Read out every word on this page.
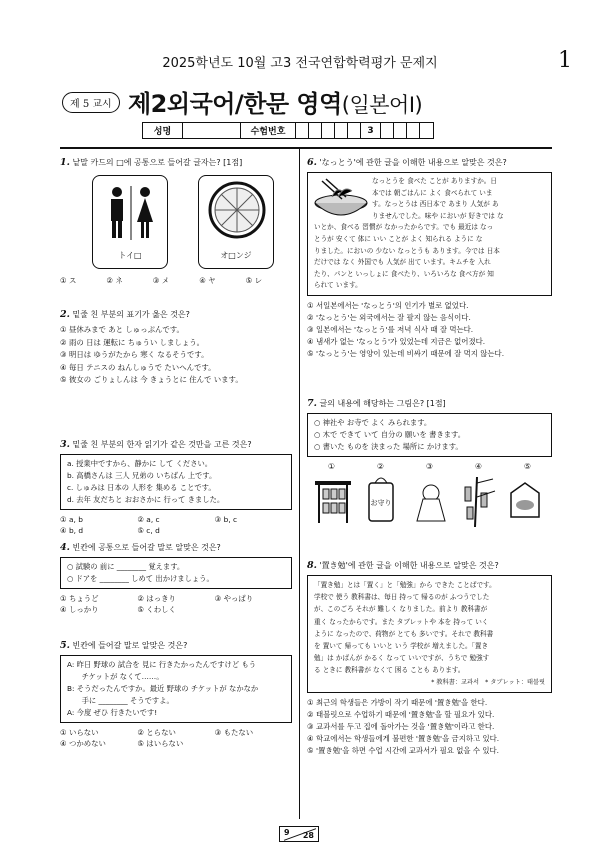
2025학년도 10월 고3 전국연합학력평가 문제지	1
제 5 교시 제2외국어/한문 영역(일본어Ⅰ)
성명	수험번호	3
1. 낱말 카드의 □에 공통으로 들어갈 글자는? [1점]
トイ□	オ□ンジ
① ス	② ネ	③ メ	④ ヤ	⑤ レ
2. 밑줄 친 부분의 표기가 옳은 것은?
① 昼休みまで あと しゅっぷんです。
② 雨の 日は 運転に ちゅうい しましょう。
③ 明日は ゆうがたから 寒く なるそうです。
④ 毎日 テニスの ねんしゅうで たいへんです。
⑤ 彼女の ごりょしんは 今 きょうとに 住んで います。
3. 밑줄 친 부분의 한자 읽기가 같은 것만을 고른 것은?
a. 授業中ですから、静かに して ください。
b. 高橋さんは 三人 兄弟の いちばん 上です。
c. しゅみは 日本の 人形を 集める ことです。
d. 去年 友だちと おおさかに 行って きました。
① a, b	② a, c	③ b, c
④ b, d	⑤ c, d
4. 빈칸에 공통으로 들어갈 말로 알맞은 것은?
○ 試験の 前に ________ 覚えます。
○ ドアを ________ しめて 出かけましょう。
① ちょうど	② はっきり	③ やっぱり
④ しっかり	⑤ くわしく
5. 빈칸에 들어갈 말로 알맞은 것은?
A: 昨日 野球の 試合を 見に 行きたかったんですけど もう
　　チケットが なくて……。
B: そうだったんですか。最近 野球の チケットが なかなか
　　手に ________ そうですよ。
A: 今度 ぜひ 行きたいです!
① いらない	② とらない	③ もたない
④ つかめない	⑤ はいらない
6. 'なっとう'에 관한 글을 이해한 내용으로 알맞은 것은?
なっとうを 食べた ことが ありますか。日
本では 朝ごはんに よく 食べられて いま
す。なっとうは 西日本で あまり 人気が あ
りませんでした。味や においが 好きでは な
いとか、食べる 習慣が なかったからです。でも 最近は なっ
とうが 安くて 体に いい ことが よく 知られる ように な
りました。においの 少ない なっとうも あります。今では 日本
だけでは なく 外国でも 人気が 出て います。キムチを 入れ
たり、パンと いっしょに 食べたり、いろいろな 食べ方が 知
られて います。
① 서일본에서는 'なっとう'의 인기가 별로 없었다.
② 'なっとう'는 외국에서는 잘 팔지 않는 음식이다.
③ 일본에서는 'なっとう'를 저녁 식사 때 잘 먹는다.
④ 냄새가 없는 'なっとう'가 있었는데 지금은 없어졌다.
⑤ 'なっとう'는 영양이 있는데 비싸기 때문에 잘 먹지 않는다.
7. 글의 내용에 해당하는 그림은? [1점]
○ 神社や お寺で よく みられます。
○ 木で できて いて 自分の 願いを 書きます。
○ 書いた ものを 決まった 場所に かけます。
①	②	③	④	⑤
お守り
8. '置き勉'에 관한 글을 이해한 내용으로 알맞은 것은?
「置き勉」とは「置く」と「勉強」から できた ことばです。
学校で 使う 教科書は、毎日 持って 帰るのが ふつうでした
が、このごろ それが 難しく なりました。前より 教科書が
重く なったからです。また タブレットや 本を 持って いく
ように なったので、荷物が とても 多いです。それで 教科書
を 置いて 帰っても いいと いう 学校が 増えました。「置き
勉」は かばんが かるく なって いいですが、うちで 勉強す
る ときに 教科書が なくて 困る ことも あります。
* 教科書：교과서　* タブレット：태블릿
① 최근의 학생들은 가방이 작기 때문에 '置き勉'을 한다.
② 태블릿으로 수업하기 때문에 '置き勉'을 할 필요가 있다.
③ 교과서를 두고 집에 돌아가는 것을 '置き勉'이라고 한다.
④ 학교에서는 학생들에게 불편한 '置き勉'을 금지하고 있다.
⑤ '置き勉'을 하면 수업 시간에 교과서가 필요 없을 수 있다.
9 28
